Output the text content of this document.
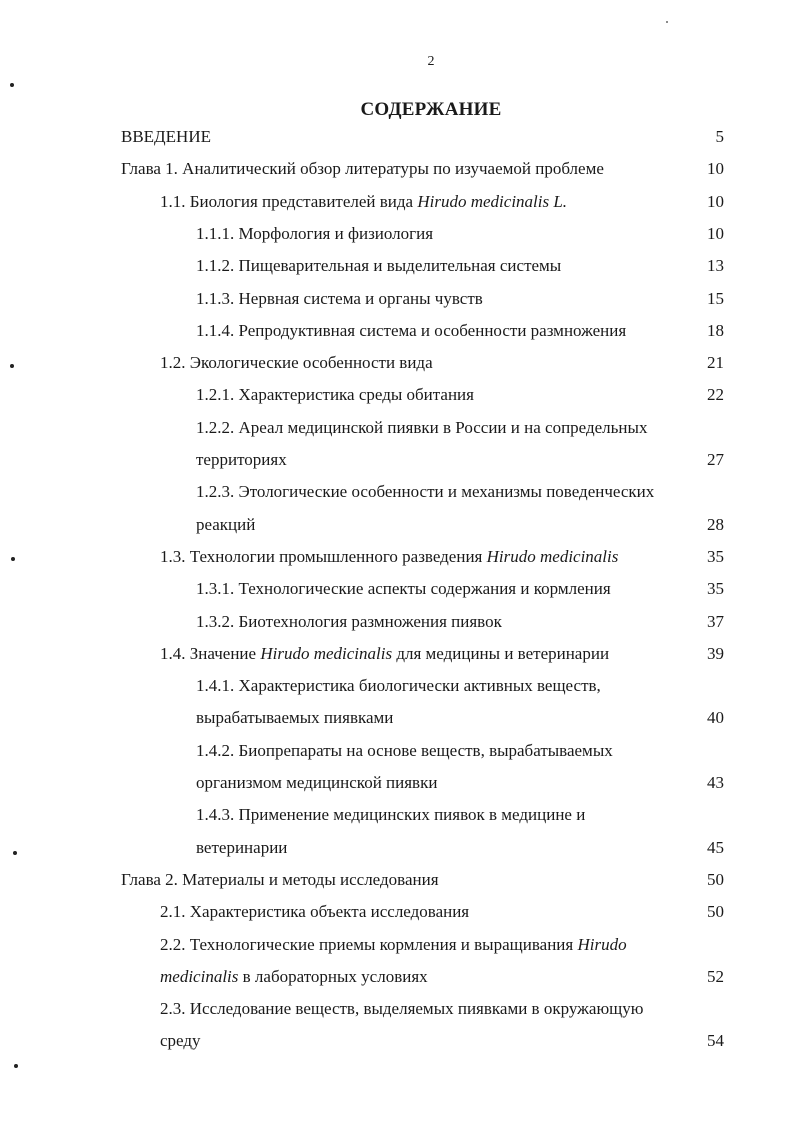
2
СОДЕРЖАНИЕ
ВВЕДЕНИЕ	5
Глава 1. Аналитический обзор литературы по изучаемой проблеме	10
1.1. Биология представителей вида Hirudo medicinalis L.	10
1.1.1. Морфология и физиология	10
1.1.2. Пищеварительная и выделительная системы	13
1.1.3. Нервная система и органы чувств	15
1.1.4. Репродуктивная система и особенности размножения	18
1.2. Экологические особенности вида	21
1.2.1. Характеристика среды обитания	22
1.2.2. Ареал медицинской пиявки в России и на сопредельных
территориях	27
1.2.3. Этологические особенности и механизмы поведенческих
реакций	28
1.3. Технологии промышленного разведения Hirudo medicinalis	35
1.3.1. Технологические аспекты содержания и кормления	35
1.3.2. Биотехнология размножения пиявок	37
1.4. Значение Hirudo medicinalis для медицины и ветеринарии	39
1.4.1. Характеристика биологически активных веществ,
вырабатываемых пиявками	40
1.4.2. Биопрепараты на основе веществ, вырабатываемых
организмом медицинской пиявки	43
1.4.3. Применение медицинских пиявок в медицине и
ветеринарии	45
Глава 2. Материалы и методы исследования	50
2.1. Характеристика объекта исследования	50
2.2. Технологические приемы кормления и выращивания Hirudo
medicinalis в лабораторных условиях	52
2.3. Исследование веществ, выделяемых пиявками в окружающую
среду	54
